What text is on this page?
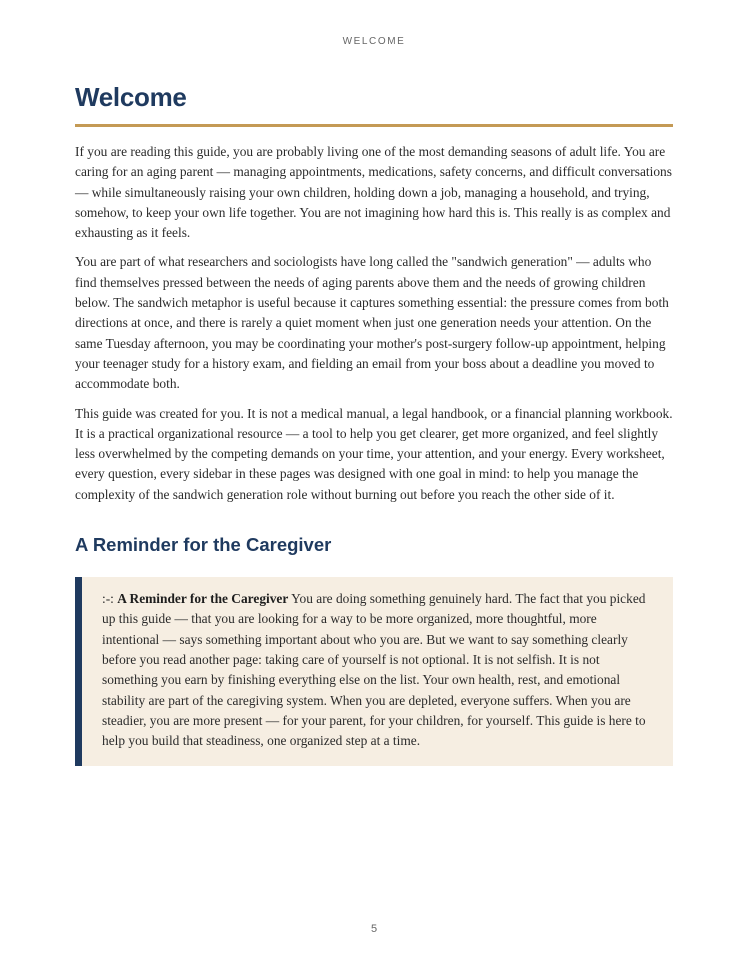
WELCOME
Welcome

If you are reading this guide, you are probably living one of the most demanding seasons of adult life. You are caring for an aging parent — managing appointments, medications, safety concerns, and difficult conversations — while simultaneously raising your own children, holding down a job, managing a household, and trying, somehow, to keep your own life together. You are not imagining how hard this is. This really is as complex and exhausting as it feels.

You are part of what researchers and sociologists have long called the "sandwich generation" — adults who find themselves pressed between the needs of aging parents above them and the needs of growing children below. The sandwich metaphor is useful because it captures something essential: the pressure comes from both directions at once, and there is rarely a quiet moment when just one generation needs your attention. On the same Tuesday afternoon, you may be coordinating your mother's post-surgery follow-up appointment, helping your teenager study for a history exam, and fielding an email from your boss about a deadline you moved to accommodate both.

This guide was created for you. It is not a medical manual, a legal handbook, or a financial planning workbook. It is a practical organizational resource — a tool to help you get clearer, get more organized, and feel slightly less overwhelmed by the competing demands on your time, your attention, and your energy. Every worksheet, every question, every sidebar in these pages was designed with one goal in mind: to help you manage the complexity of the sandwich generation role without burning out before you reach the other side of it.

A Reminder for the Caregiver

:-: A Reminder for the Caregiver You are doing something genuinely hard. The fact that you picked up this guide — that you are looking for a way to be more organized, more thoughtful, more intentional — says something important about who you are. But we want to say something clearly before you read another page: taking care of yourself is not optional. It is not selfish. It is not something you earn by finishing everything else on the list. Your own health, rest, and emotional stability are part of the caregiving system. When you are depleted, everyone suffers. When you are steadier, you are more present — for your parent, for your children, for yourself. This guide is here to help you build that steadiness, one organized step at a time.

5
